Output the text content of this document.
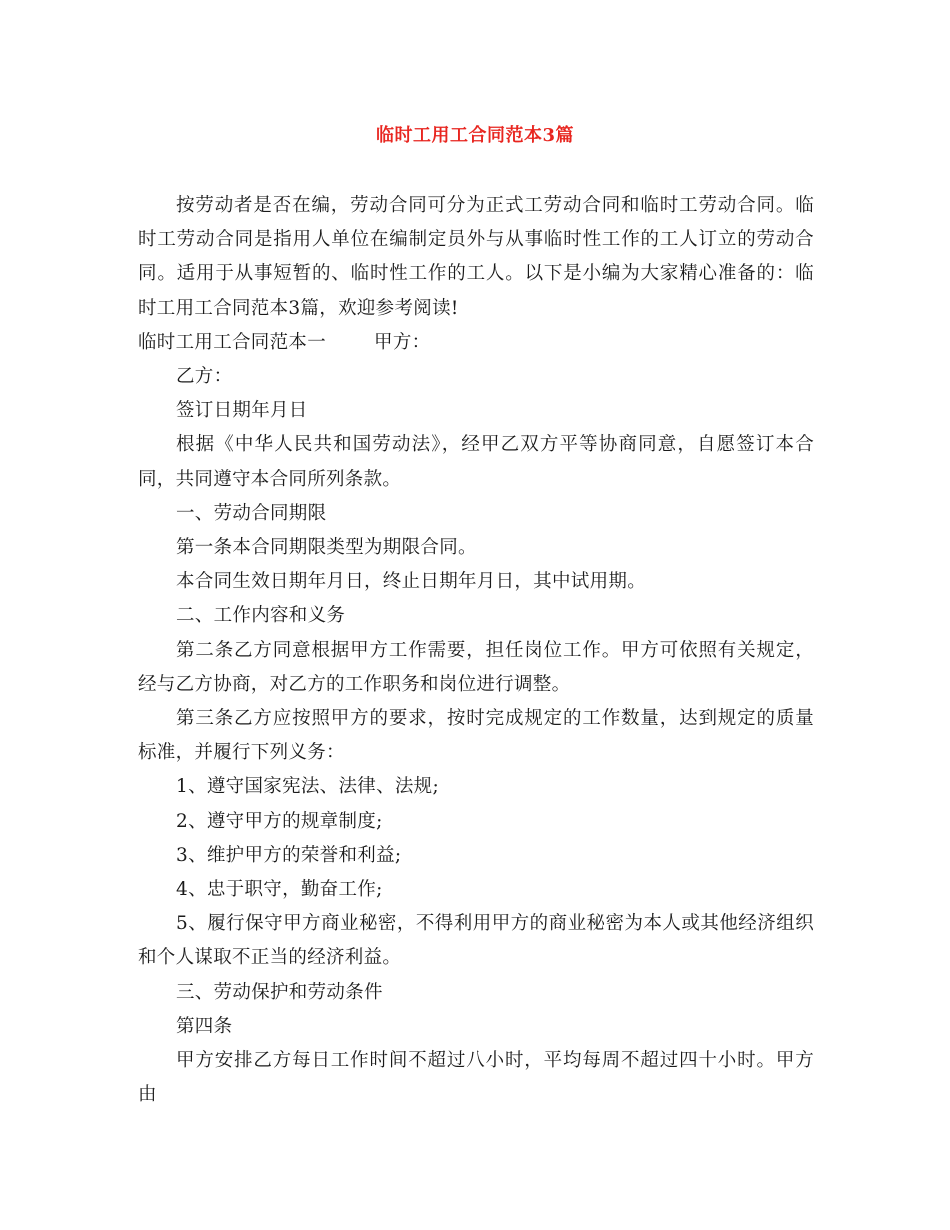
临时工用工合同范本3篇

按劳动者是否在编，劳动合同可分为正式工劳动合同和临时工劳动合同。临时工劳动合同是指用人单位在编制定员外与从事临时性工作的工人订立的劳动合同。适用于从事短暂的、临时性工作的工人。以下是小编为大家精心准备的：临时工用工合同范本3篇，欢迎参考阅读!

临时工用工合同范本一	甲方：

乙方：

签订日期年月日

根据《中华人民共和国劳动法》，经甲乙双方平等协商同意，自愿签订本合同，共同遵守本合同所列条款。

一、劳动合同期限

第一条本合同期限类型为期限合同。

本合同生效日期年月日，终止日期年月日，其中试用期。

二、工作内容和义务

第二条乙方同意根据甲方工作需要，担任岗位工作。甲方可依照有关规定，经与乙方协商，对乙方的工作职务和岗位进行调整。

第三条乙方应按照甲方的要求，按时完成规定的工作数量，达到规定的质量标准，并履行下列义务：

1、遵守国家宪法、法律、法规;

2、遵守甲方的规章制度;

3、维护甲方的荣誉和利益;

4、忠于职守，勤奋工作;

5、履行保守甲方商业秘密，不得利用甲方的商业秘密为本人或其他经济组织和个人谋取不正当的经济利益。

三、劳动保护和劳动条件

第四条

甲方安排乙方每日工作时间不超过八小时，平均每周不超过四十小时。甲方由
